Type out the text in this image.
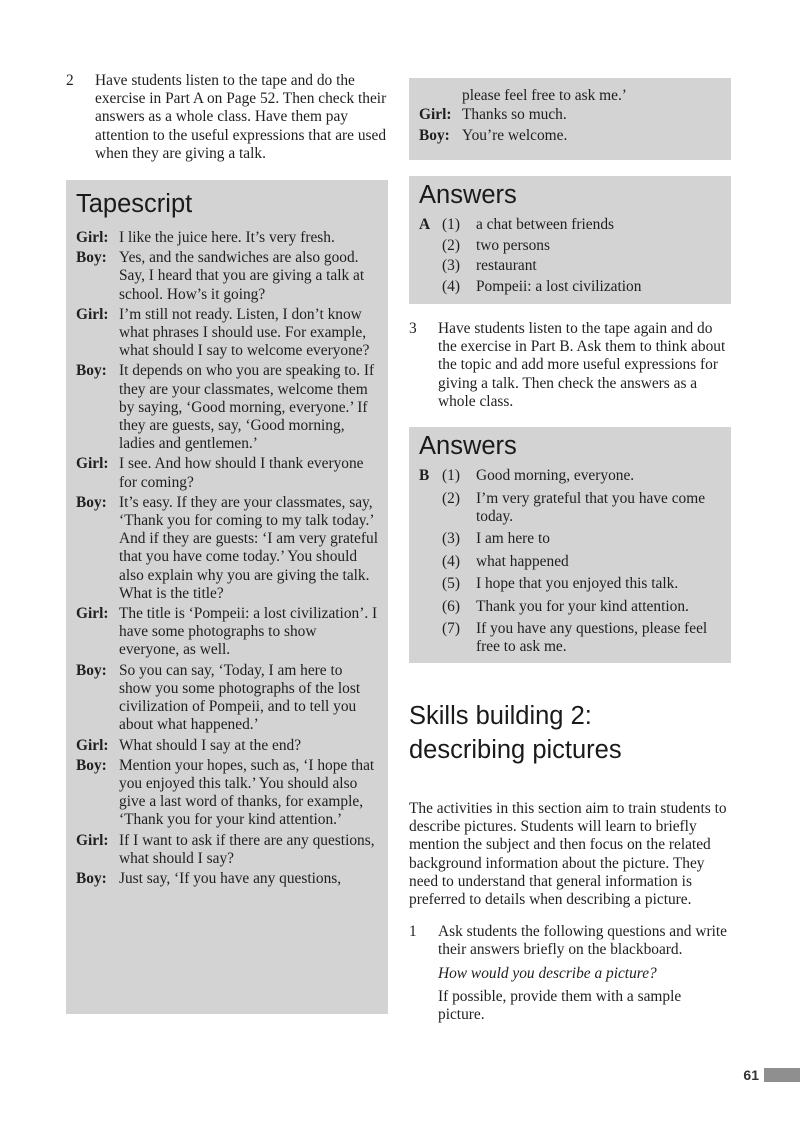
2 Have students listen to the tape and do the exercise in Part A on Page 52. Then check their answers as a whole class. Have them pay attention to the useful expressions that are used when they are giving a talk.
Tapescript
Girl: I like the juice here. It’s very fresh.
Boy: Yes, and the sandwiches are also good. Say, I heard that you are giving a talk at school. How’s it going?
Girl: I’m still not ready. Listen, I don’t know what phrases I should use. For example, what should I say to welcome everyone?
Boy: It depends on who you are speaking to. If they are your classmates, welcome them by saying, ‘Good morning, everyone.’ If they are guests, say, ‘Good morning, ladies and gentlemen.’
Girl: I see. And how should I thank everyone for coming?
Boy: It’s easy. If they are your classmates, say, ‘Thank you for coming to my talk today.’ And if they are guests: ‘I am very grateful that you have come today.’ You should also explain why you are giving the talk. What is the title?
Girl: The title is ‘Pompeii: a lost civilization’. I have some photographs to show everyone, as well.
Boy: So you can say, ‘Today, I am here to show you some photographs of the lost civilization of Pompeii, and to tell you about what happened.’
Girl: What should I say at the end?
Boy: Mention your hopes, such as, ‘I hope that you enjoyed this talk.’ You should also give a last word of thanks, for example, ‘Thank you for your kind attention.’
Girl: If I want to ask if there are any questions, what should I say?
Boy: Just say, ‘If you have any questions,
please feel free to ask me.’
Girl: Thanks so much.
Boy: You’re welcome.
Answers
A (1) a chat between friends
(2) two persons
(3) restaurant
(4) Pompeii: a lost civilization
3 Have students listen to the tape again and do the exercise in Part B. Ask them to think about the topic and add more useful expressions for giving a talk. Then check the answers as a whole class.
Answers
B (1) Good morning, everyone.
(2) I’m very grateful that you have come today.
(3) I am here to
(4) what happened
(5) I hope that you enjoyed this talk.
(6) Thank you for your kind attention.
(7) If you have any questions, please feel free to ask me.
Skills building 2:
describing pictures
The activities in this section aim to train students to describe pictures. Students will learn to briefly mention the subject and then focus on the related background information about the picture. They need to understand that general information is preferred to details when describing a picture.
1 Ask students the following questions and write their answers briefly on the blackboard.
How would you describe a picture?
If possible, provide them with a sample picture.
61
